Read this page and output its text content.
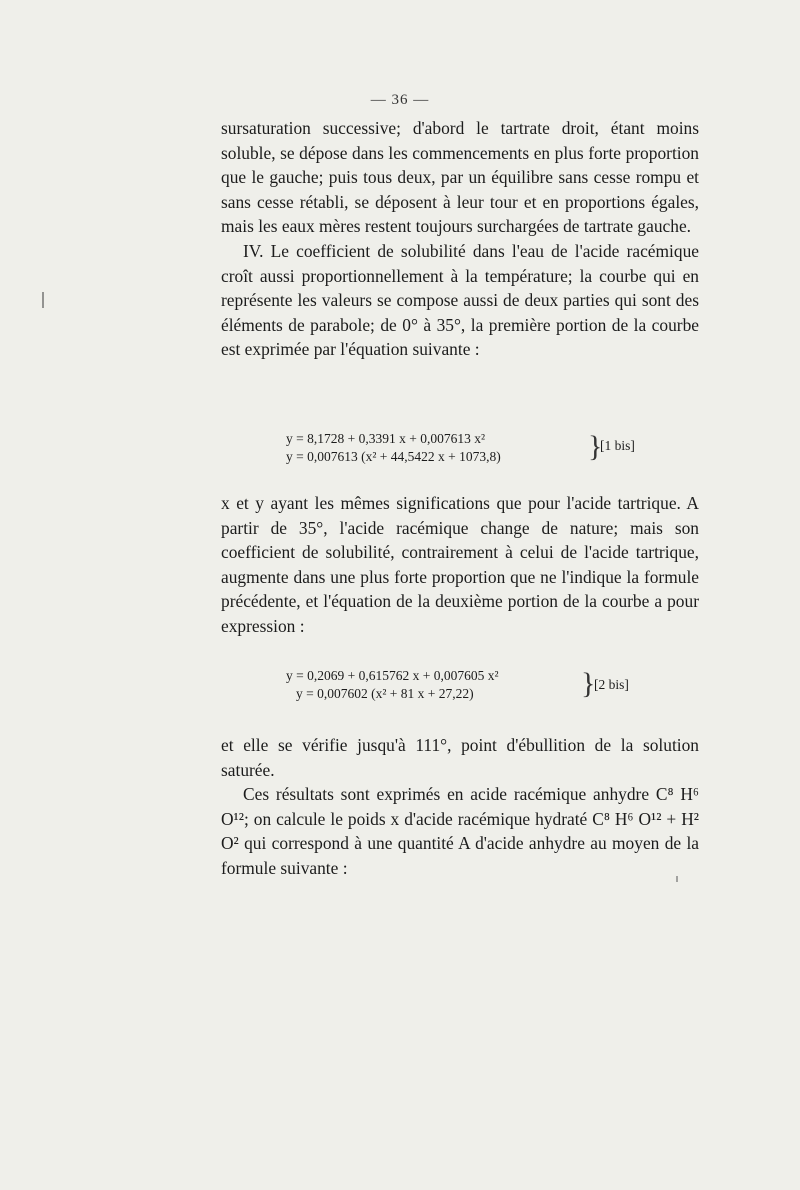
— 36 —

sursaturation successive; d'abord le tartrate droit, étant moins soluble, se dépose dans les commencements en plus forte proportion que le gauche; puis tous deux, par un équilibre sans cesse rompu et sans cesse rétabli, se déposent à leur tour et en proportions égales, mais les eaux mères restent toujours surchargées de tartrate gauche.

IV. Le coefficient de solubilité dans l'eau de l'acide racémique croît aussi proportionnellement à la température; la courbe qui en représente les valeurs se compose aussi de deux parties qui sont des éléments de parabole; de 0° à 35°, la première portion de la courbe est exprimée par l'équation suivante :

y = 8,1728 + 0,3391 x + 0,007613 x²
y = 0,007613 (x² + 44,5422 x + 1073,8)	}
[1 bis]

x et y ayant les mêmes significations que pour l'acide tartrique. A partir de 35°, l'acide racémique change de nature; mais son coefficient de solubilité, contrairement à celui de l'acide tartrique, augmente dans une plus forte proportion que ne l'indique la formule précédente, et l'équation de la deuxième portion de la courbe a pour expression :

y = 0,2069 + 0,615762 x + 0,007605 x²
y = 0,007602 (x² + 81 x + 27,22)	}
[2 bis]

et elle se vérifie jusqu'à 111°, point d'ébullition de la solution saturée.

Ces résultats sont exprimés en acide racémique anhydre C⁸ H⁶ O¹²; on calcule le poids x d'acide racémique hydraté C⁸ H⁶ O¹² + H² O² qui correspond à une quantité A d'acide anhydre au moyen de la formule suivante :
